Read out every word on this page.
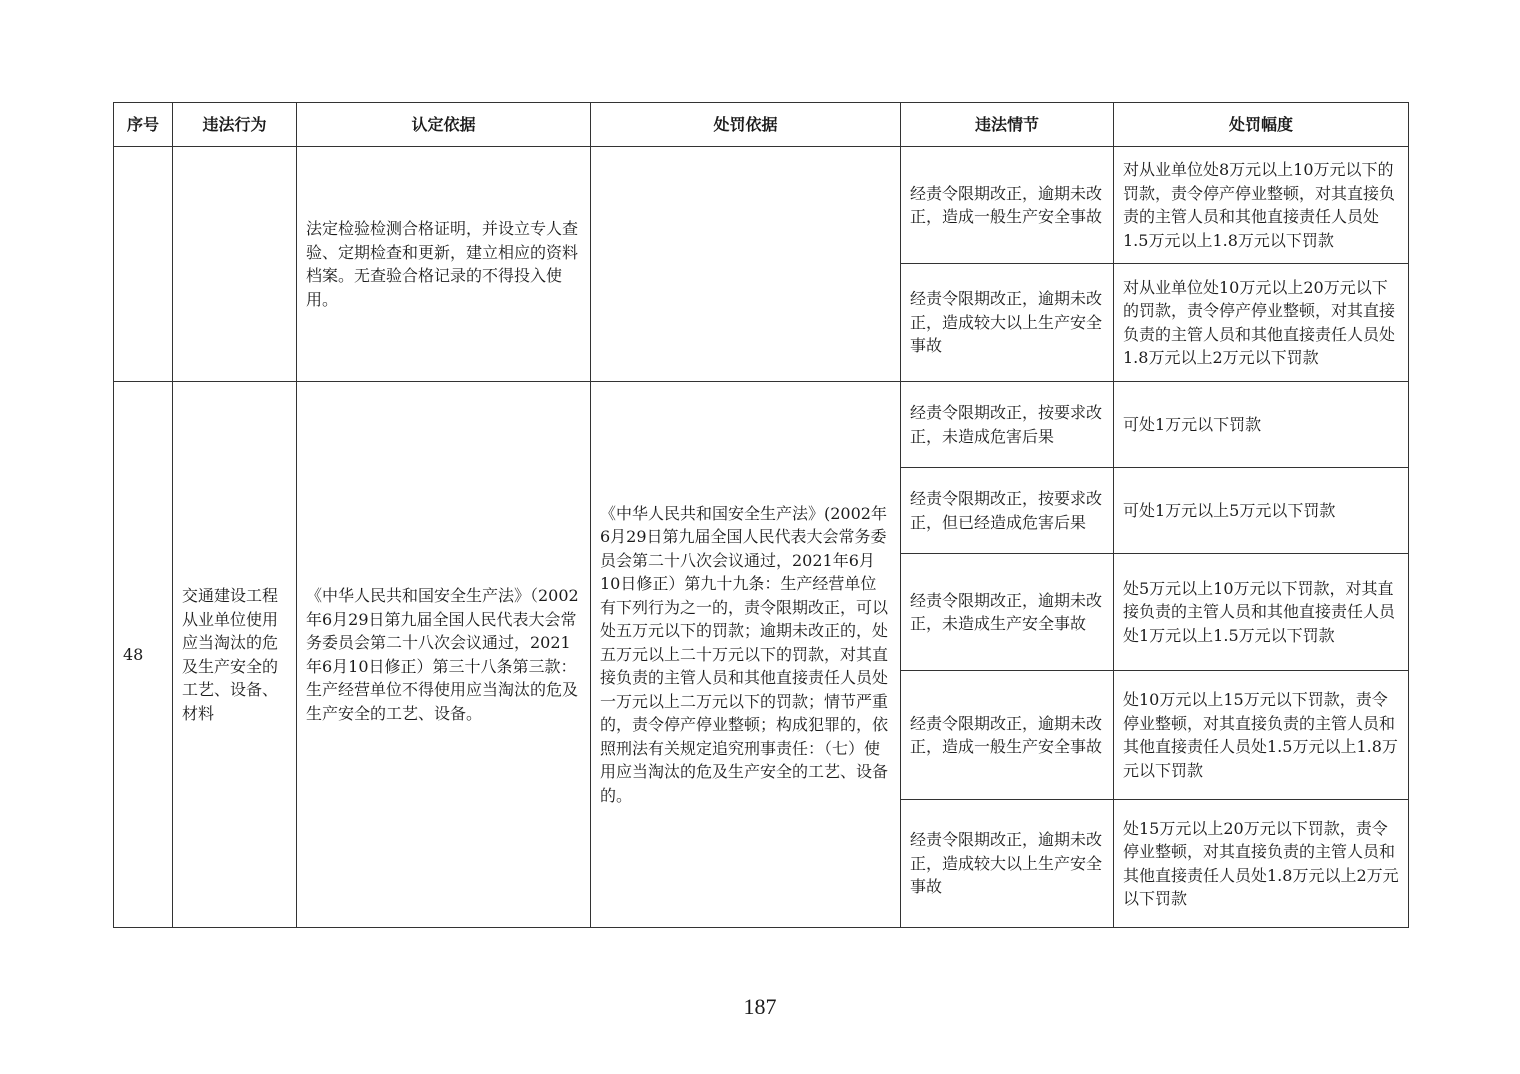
序号	违法行为	认定依据	处罚依据	违法情节	处罚幅度
		法定检验检测合格证明，并设立专人查验、定期检查和更新，建立相应的资料档案。无查验合格记录的不得投入使用。		经责令限期改正，逾期未改正，造成一般生产安全事故	对从业单位处8万元以上10万元以下的罚款，责令停产停业整顿，对其直接负责的主管人员和其他直接责任人员处1.5万元以上1.8万元以下罚款
				经责令限期改正，逾期未改正，造成较大以上生产安全事故	对从业单位处10万元以上20万元以下的罚款，责令停产停业整顿，对其直接负责的主管人员和其他直接责任人员处1.8万元以上2万元以下罚款
48	交通建设工程从业单位使用应当淘汰的危及生产安全的工艺、设备、材料	《中华人民共和国安全生产法》（2002年6月29日第九届全国人民代表大会常务委员会第二十八次会议通过，2021年6月10日修正）第三十八条第三款：生产经营单位不得使用应当淘汰的危及生产安全的工艺、设备。	《中华人民共和国安全生产法》(2002年6月29日第九届全国人民代表大会常务委员会第二十八次会议通过，2021年6月10日修正）第九十九条：生产经营单位有下列行为之一的，责令限期改正，可以处五万元以下的罚款；逾期未改正的，处五万元以上二十万元以下的罚款，对其直接负责的主管人员和其他直接责任人员处一万元以上二万元以下的罚款；情节严重的，责令停产停业整顿；构成犯罪的，依照刑法有关规定追究刑事责任：（七）使用应当淘汰的危及生产安全的工艺、设备的。	经责令限期改正，按要求改正，未造成危害后果	可处1万元以下罚款
				经责令限期改正，按要求改正，但已经造成危害后果	可处1万元以上5万元以下罚款
				经责令限期改正，逾期未改正，未造成生产安全事故	处5万元以上10万元以下罚款，对其直接负责的主管人员和其他直接责任人员处1万元以上1.5万元以下罚款
				经责令限期改正，逾期未改正，造成一般生产安全事故	处10万元以上15万元以下罚款，责令停业整顿，对其直接负责的主管人员和其他直接责任人员处1.5万元以上1.8万元以下罚款
				经责令限期改正，逾期未改正，造成较大以上生产安全事故	处15万元以上20万元以下罚款，责令停业整顿，对其直接负责的主管人员和其他直接责任人员处1.8万元以上2万元以下罚款
187
